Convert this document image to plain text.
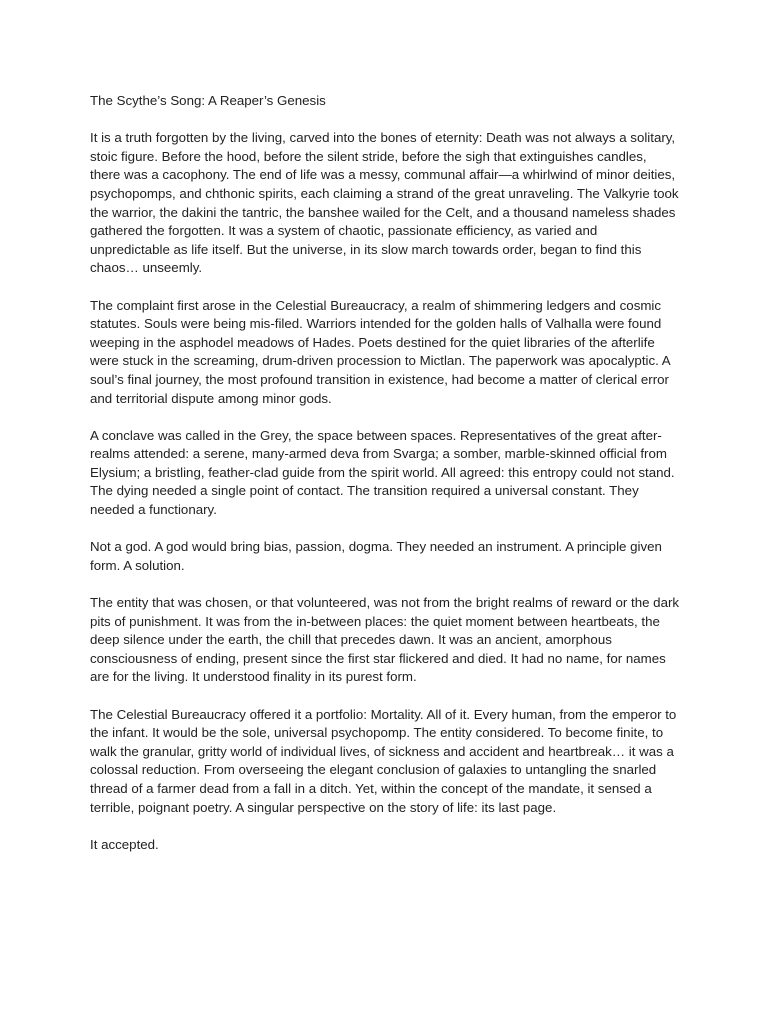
The Scythe’s Song: A Reaper’s Genesis

It is a truth forgotten by the living, carved into the bones of eternity: Death was not always a solitary, stoic figure. Before the hood, before the silent stride, before the sigh that extinguishes candles, there was a cacophony. The end of life was a messy, communal affair—a whirlwind of minor deities, psychopomps, and chthonic spirits, each claiming a strand of the great unraveling. The Valkyrie took the warrior, the dakini the tantric, the banshee wailed for the Celt, and a thousand nameless shades gathered the forgotten. It was a system of chaotic, passionate efficiency, as varied and unpredictable as life itself. But the universe, in its slow march towards order, began to find this chaos… unseemly.

The complaint first arose in the Celestial Bureaucracy, a realm of shimmering ledgers and cosmic statutes. Souls were being mis-filed. Warriors intended for the golden halls of Valhalla were found weeping in the asphodel meadows of Hades. Poets destined for the quiet libraries of the afterlife were stuck in the screaming, drum-driven procession to Mictlan. The paperwork was apocalyptic. A soul’s final journey, the most profound transition in existence, had become a matter of clerical error and territorial dispute among minor gods.

A conclave was called in the Grey, the space between spaces. Representatives of the great after-realms attended: a serene, many-armed deva from Svarga; a somber, marble-skinned official from Elysium; a bristling, feather-clad guide from the spirit world. All agreed: this entropy could not stand. The dying needed a single point of contact. The transition required a universal constant. They needed a functionary.

Not a god. A god would bring bias, passion, dogma. They needed an instrument. A principle given form. A solution.

The entity that was chosen, or that volunteered, was not from the bright realms of reward or the dark pits of punishment. It was from the in-between places: the quiet moment between heartbeats, the deep silence under the earth, the chill that precedes dawn. It was an ancient, amorphous consciousness of ending, present since the first star flickered and died. It had no name, for names are for the living. It understood finality in its purest form.

The Celestial Bureaucracy offered it a portfolio: Mortality. All of it. Every human, from the emperor to the infant. It would be the sole, universal psychopomp. The entity considered. To become finite, to walk the granular, gritty world of individual lives, of sickness and accident and heartbreak… it was a colossal reduction. From overseeing the elegant conclusion of galaxies to untangling the snarled thread of a farmer dead from a fall in a ditch. Yet, within the concept of the mandate, it sensed a terrible, poignant poetry. A singular perspective on the story of life: its last page.

It accepted.
